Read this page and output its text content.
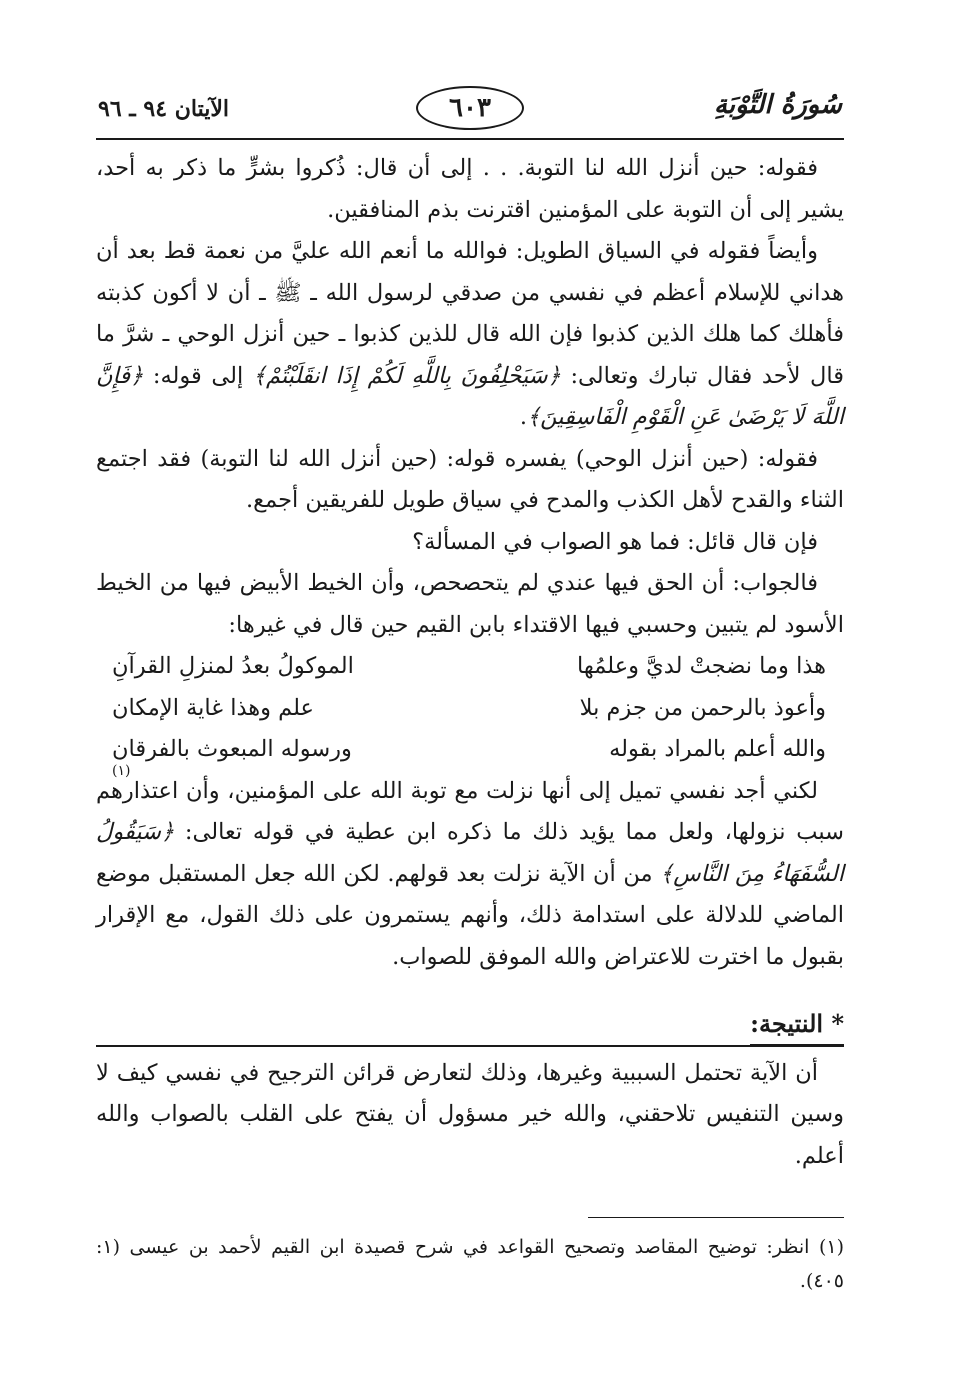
سُورَةُ التَّوْبَةِ
٦٠٣
الآيتان ٩٤ ـ ٩٦

فقوله: حين أنزل الله لنا التوبة. . . إلى أن قال: ذُكروا بشرٍّ ما ذكر به أحد، يشير إلى أن التوبة على المؤمنين اقترنت بذم المنافقين.

وأيضاً فقوله في السياق الطويل: فوالله ما أنعم الله عليَّ من نعمة قط بعد أن هداني للإسلام أعظم في نفسي من صدقي لرسول الله ـ ﷺ ـ أن لا أكون كذبته فأهلك كما هلك الذين كذبوا فإن الله قال للذين كذبوا ـ حين أنزل الوحي ـ شرَّ ما قال لأحد فقال تبارك وتعالى: ﴿سَيَحْلِفُونَ بِاللَّهِ لَكُمْ إِذَا انقَلَبْتُمْ﴾ إلى قوله: ﴿فَإِنَّ اللَّهَ لَا يَرْضَىٰ عَنِ الْقَوْمِ الْفَاسِقِينَ﴾.

فقوله: (حين أنزل الوحي) يفسره قوله: (حين أنزل الله لنا التوبة) فقد اجتمع الثناء والقدح لأهل الكذب والمدح في سياق طويل للفريقين أجمع.

فإن قال قائل: فما هو الصواب في المسألة؟

فالجواب: أن الحق فيها عندي لم يتحصحص، وأن الخيط الأبيض فيها من الخيط الأسود لم يتبين وحسبي فيها الاقتداء بابن القيم حين قال في غيرها:

هذا وما نضجتْ لديَّ وعلمُها
الموكولُ بعدُ لمنزلِ القرآنِ
وأعوذ بالرحمن من جزم بلا
علم وهذا غاية الإمكان
والله أعلم بالمراد بقوله
ورسوله المبعوث بالفرقان
(١)

لكني أجد نفسي تميل إلى أنها نزلت مع توبة الله على المؤمنين، وأن اعتذارهم سبب نزولها، ولعل مما يؤيد ذلك ما ذكره ابن عطية في قوله تعالى: ﴿سَيَقُولُ السُّفَهَاءُ مِنَ النَّاسِ﴾ من أن الآية نزلت بعد قولهم. لكن الله جعل المستقبل موضع الماضي للدلالة على استدامة ذلك، وأنهم يستمرون على ذلك القول، مع الإقرار بقبول ما اخترت للاعتراض والله الموفق للصواب.

* النتيجة:

أن الآية تحتمل السببية وغيرها، وذلك لتعارض قرائن الترجيح في نفسي كيف لا وسين التنفيس تلاحقني، والله خير مسؤول أن يفتح على القلب بالصواب والله أعلم.

(١) انظر: توضيح المقاصد وتصحيح القواعد في شرح قصيدة ابن القيم لأحمد بن عيسى (١: ٤٠٥).
